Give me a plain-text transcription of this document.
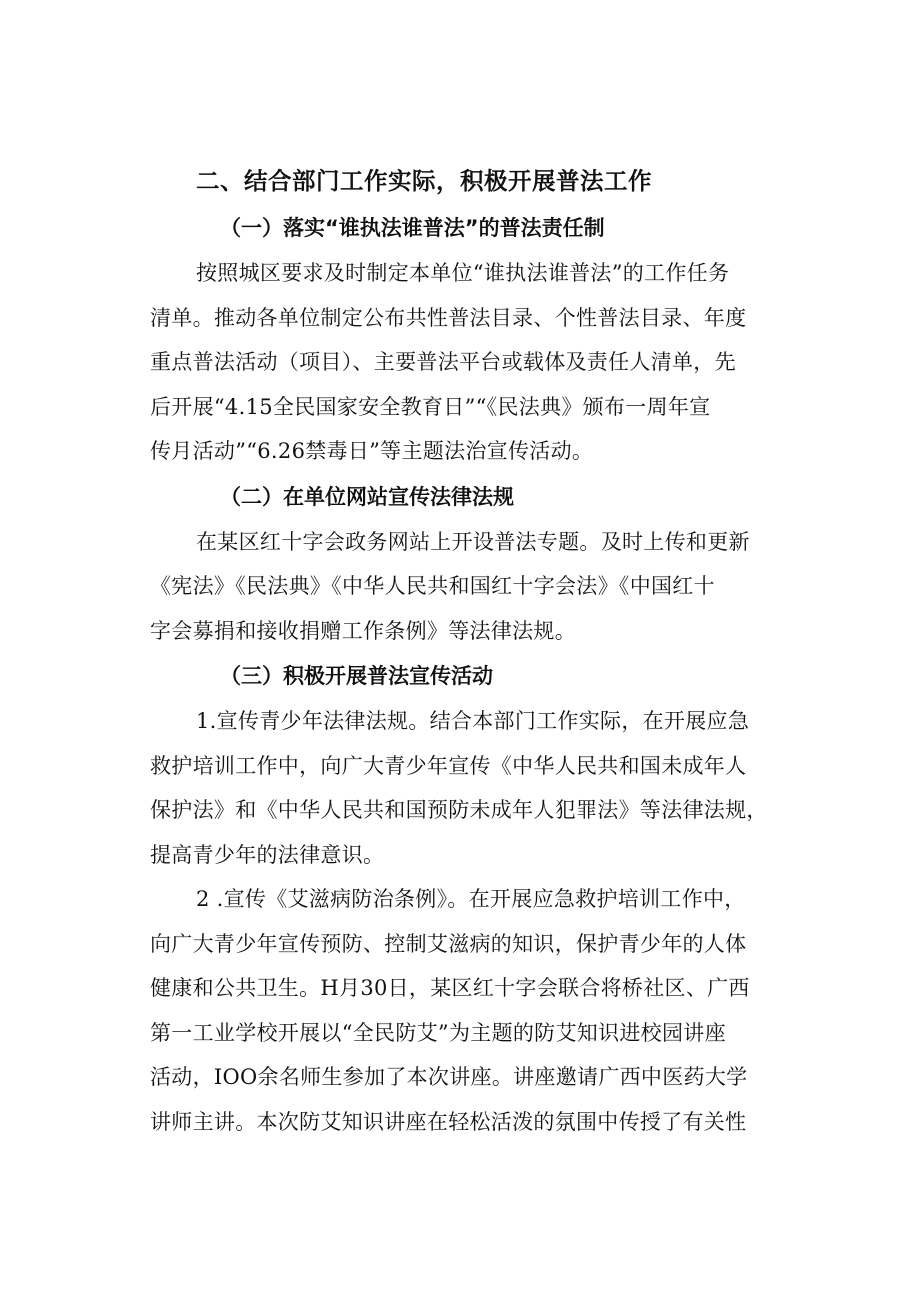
二、结合部门工作实际，积极开展普法工作
（一）落实“谁执法谁普法”的普法责任制
按照城区要求及时制定本单位“谁执法谁普法”的工作任务
清单。推动各单位制定公布共性普法目录、个性普法目录、年度
重点普法活动（项目）、主要普法平台或载体及责任人清单，先
后开展“4.15全民国家安全教育日”“《民法典》颁布一周年宣
传月活动”“6.26禁毒日”等主题法治宣传活动。
（二）在单位网站宣传法律法规
在某区红十字会政务网站上开设普法专题。及时上传和更新
《宪法》《民法典》《中华人民共和国红十字会法》《中国红十
字会募捐和接收捐赠工作条例》等法律法规。
（三）积极开展普法宣传活动
1.宣传青少年法律法规。结合本部门工作实际，在开展应急
救护培训工作中，向广大青少年宣传《中华人民共和国未成年人
保护法》和《中华人民共和国预防未成年人犯罪法》等法律法规，
提高青少年的法律意识。
2 .宣传《艾滋病防治条例》。在开展应急救护培训工作中，
向广大青少年宣传预防、控制艾滋病的知识，保护青少年的人体
健康和公共卫生。H月30日，某区红十字会联合将桥社区、广西
第一工业学校开展以“全民防艾”为主题的防艾知识进校园讲座
活动，IOO余名师生参加了本次讲座。讲座邀请广西中医药大学
讲师主讲。本次防艾知识讲座在轻松活泼的氛围中传授了有关性
